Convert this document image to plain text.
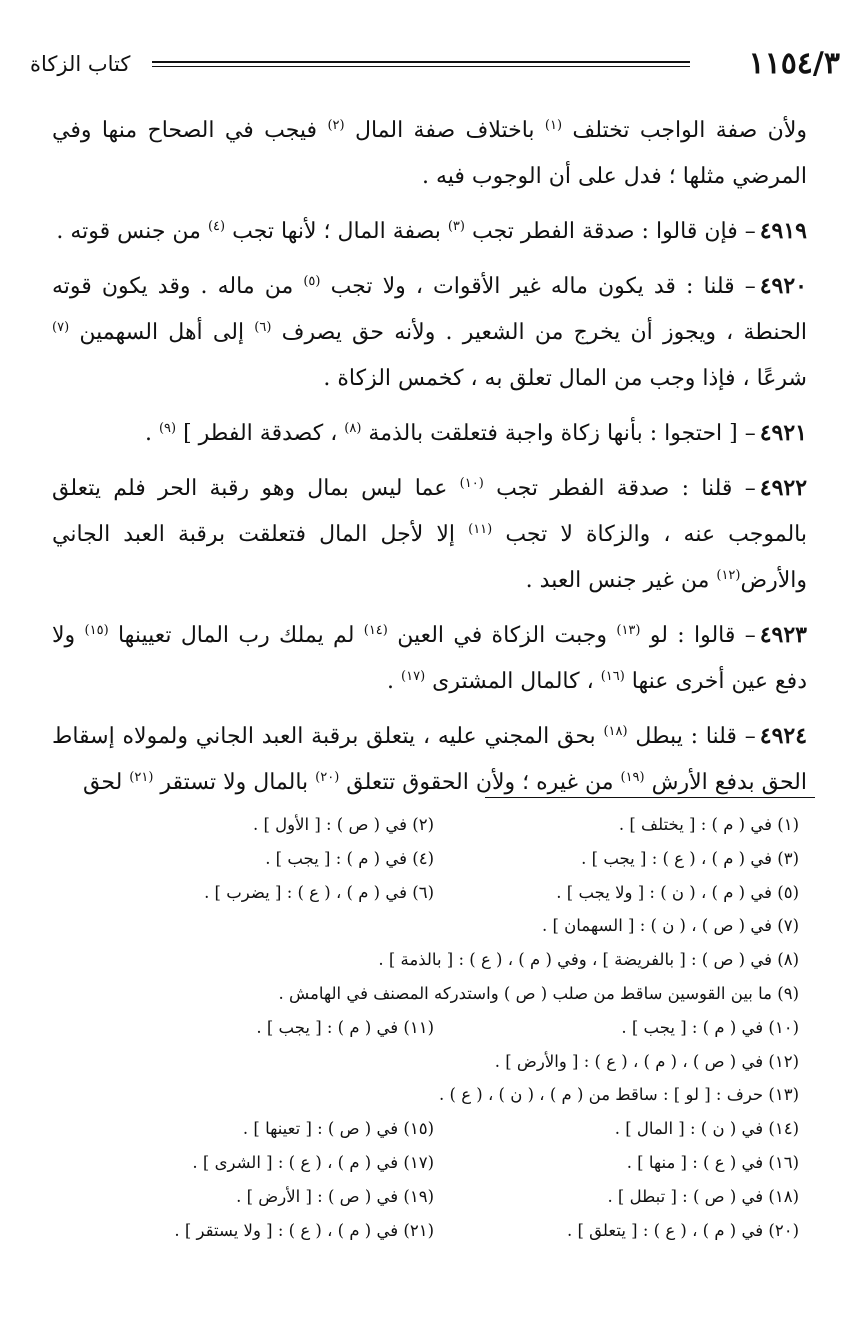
١١٥٤/٣
كتاب الزكاة

ولأن صفة الواجب تختلف $^{(١)}$ باختلاف صفة المال $^{(٢)}$ فيجب في الصحاح منها وفي المرضي مثلها ؛ فدل على أن الوجوب فيه .

٤٩١٩– فإن قالوا : صدقة الفطر تجب $^{(٣)}$ بصفة المال ؛ لأنها تجب $^{(٤)}$ من جنس قوته .

٤٩٢٠– قلنا : قد يكون ماله غير الأقوات ، ولا تجب $^{(٥)}$ من ماله . وقد يكون قوته الحنطة ، ويجوز أن يخرج من الشعير . ولأنه حق يصرف $^{(٦)}$ إلى أهل السهمين $^{(٧)}$ شرعًا ، فإذا وجب من المال تعلق به ، كخمس الزكاة .

٤٩٢١– [ احتجوا : بأنها زكاة واجبة فتعلقت بالذمة $^{(٨)}$ ، كصدقة الفطر ] $^{(٩)}$ .

٤٩٢٢– قلنا : صدقة الفطر تجب $^{(١٠)}$ عما ليس بمال وهو رقبة الحر فلم يتعلق بالموجب عنه ، والزكاة لا تجب $^{(١١)}$ إلا لأجل المال فتعلقت برقبة العبد الجاني والأرض$^{(١٢)}$ من غير جنس العبد .

٤٩٢٣– قالوا : لو $^{(١٣)}$ وجبت الزكاة في العين $^{(١٤)}$ لم يملك رب المال تعيينها $^{(١٥)}$ ولا دفع عين أخرى عنها $^{(١٦)}$ ، كالمال المشترى $^{(١٧)}$ .

٤٩٢٤– قلنا : يبطل $^{(١٨)}$ بحق المجني عليه ، يتعلق برقبة العبد الجاني ولمولاه إسقاط الحق بدفع الأرش $^{(١٩)}$ من غيره ؛ ولأن الحقوق تتعلق $^{(٢٠)}$ بالمال ولا تستقر $^{(٢١)}$ لحق

(١) في ( م ) : [ يختلف ] .
(٢) في ( ص ) : [ الأول ] .
(٣) في ( م ) ، ( ع ) : [ يجب ] .
(٤) في ( م ) : [ يجب ] .
(٥) في ( م ) ، ( ن ) : [ ولا يجب ] .
(٦) في ( م ) ، ( ع ) : [ يضرب ] .
(٧) في ( ص ) ، ( ن ) : [ السهمان ] .
(٨) في ( ص ) : [ بالفريضة ] ، وفي ( م ) ، ( ع ) : [ بالذمة ] .
(٩) ما بين القوسين ساقط من صلب ( ص ) واستدركه المصنف في الهامش .
(١٠) في ( م ) : [ يجب ] .
(١١) في ( م ) : [ يجب ] .
(١٢) في ( ص ) ، ( م ) ، ( ع ) : [ والأرض ] .
(١٣) حرف : [ لو ] : ساقط من ( م ) ، ( ن ) ، ( ع ) .
(١٤) في ( ن ) : [ المال ] .
(١٥) في ( ص ) : [ تعينها ] .
(١٦) في ( ع ) : [ منها ] .
(١٧) في ( م ) ، ( ع ) : [ الشرى ] .
(١٨) في ( ص ) : [ تبطل ] .
(١٩) في ( ص ) : [ الأرض ] .
(٢٠) في ( م ) ، ( ع ) : [ يتعلق ] .
(٢١) في ( م ) ، ( ع ) : [ ولا يستقر ] .
